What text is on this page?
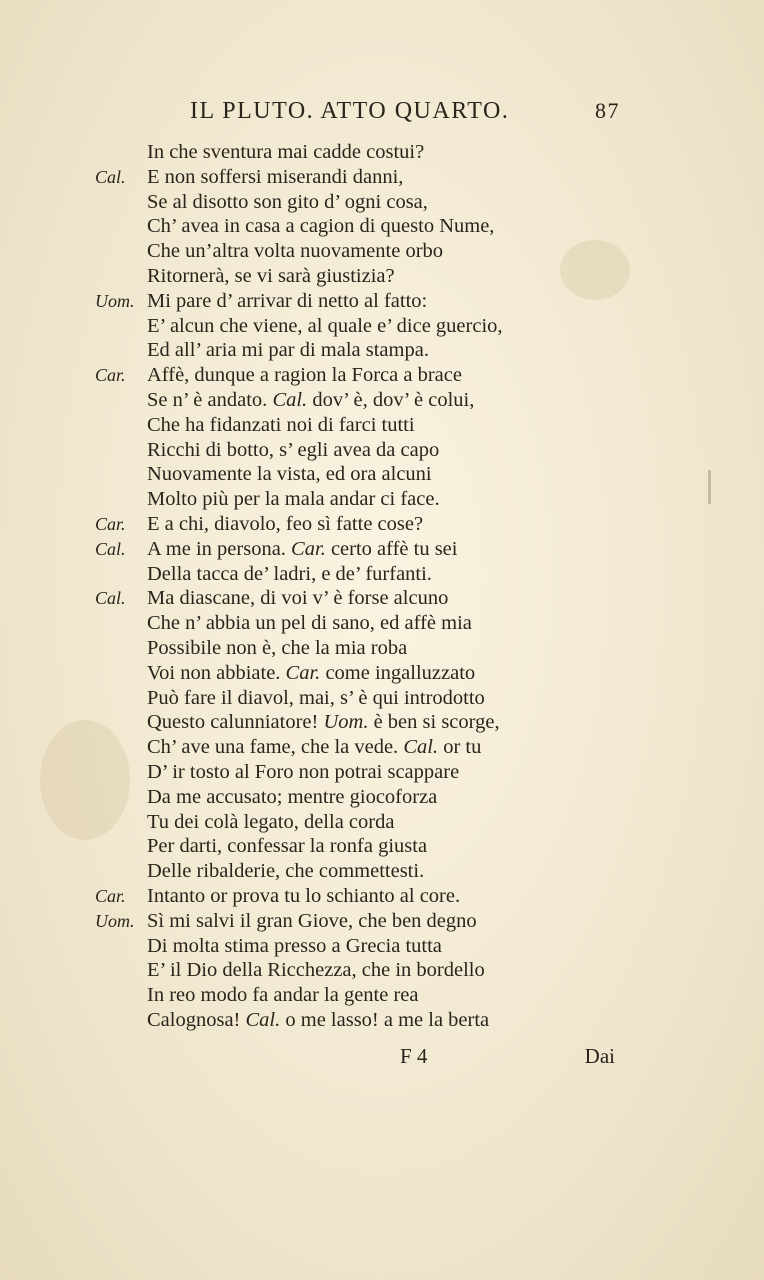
IL PLUTO. ATTO QUARTO.	87
In che sventura mai cadde costui?
Cal. E non soffersi miserandi danni,
Se al disotto son gito d’ ogni cosa,
Ch’ avea in casa a cagion di questo Nume,
Che un’altra volta nuovamente orbo
Ritornerà, se vi sarà giustizia?
Uom. Mi pare d’ arrivar di netto al fatto:
E’ alcun che viene, al quale e’ dice guercio,
Ed all’ aria mi par di mala stampa.
Car. Affè, dunque a ragion la Forca a brace
Se n’ è andato. Cal. dov’ è, dov’ è colui,
Che ha fidanzati noi di farci tutti
Ricchi di botto, s’ egli avea da capo
Nuovamente la vista, ed ora alcuni
Molto più per la mala andar ci face.
Car. E a chi, diavolo, feo sì fatte cose?
Cal. A me in persona. Car. certo affè tu sei
Della tacca de’ ladri, e de’ furfanti.
Cal. Ma diascane, di voi v’ è forse alcuno
Che n’ abbia un pel di sano, ed affè mia
Possibile non è, che la mia roba
Voi non abbiate. Car. come ingalluzzato
Può fare il diavol, mai, s’ è qui introdotto
Questo calunniatore! Uom. è ben si scorge,
Ch’ ave una fame, che la vede. Cal. or tu
D’ ir tosto al Foro non potrai scappare
Da me accusato; mentre giocoforza
Tu dei colà legato, della corda
Per darti, confessar la ronfa giusta
Delle ribalderie, che commettesti.
Car. Intanto or prova tu lo schianto al core.
Uom. Sì mi salvi il gran Giove, che ben degno
Di molta stima presso a Grecia tutta
E’ il Dio della Ricchezza, che in bordello
In reo modo fa andar la gente rea
Calognosa! Cal. o me lasso! a me la berta
F 4	Dai
